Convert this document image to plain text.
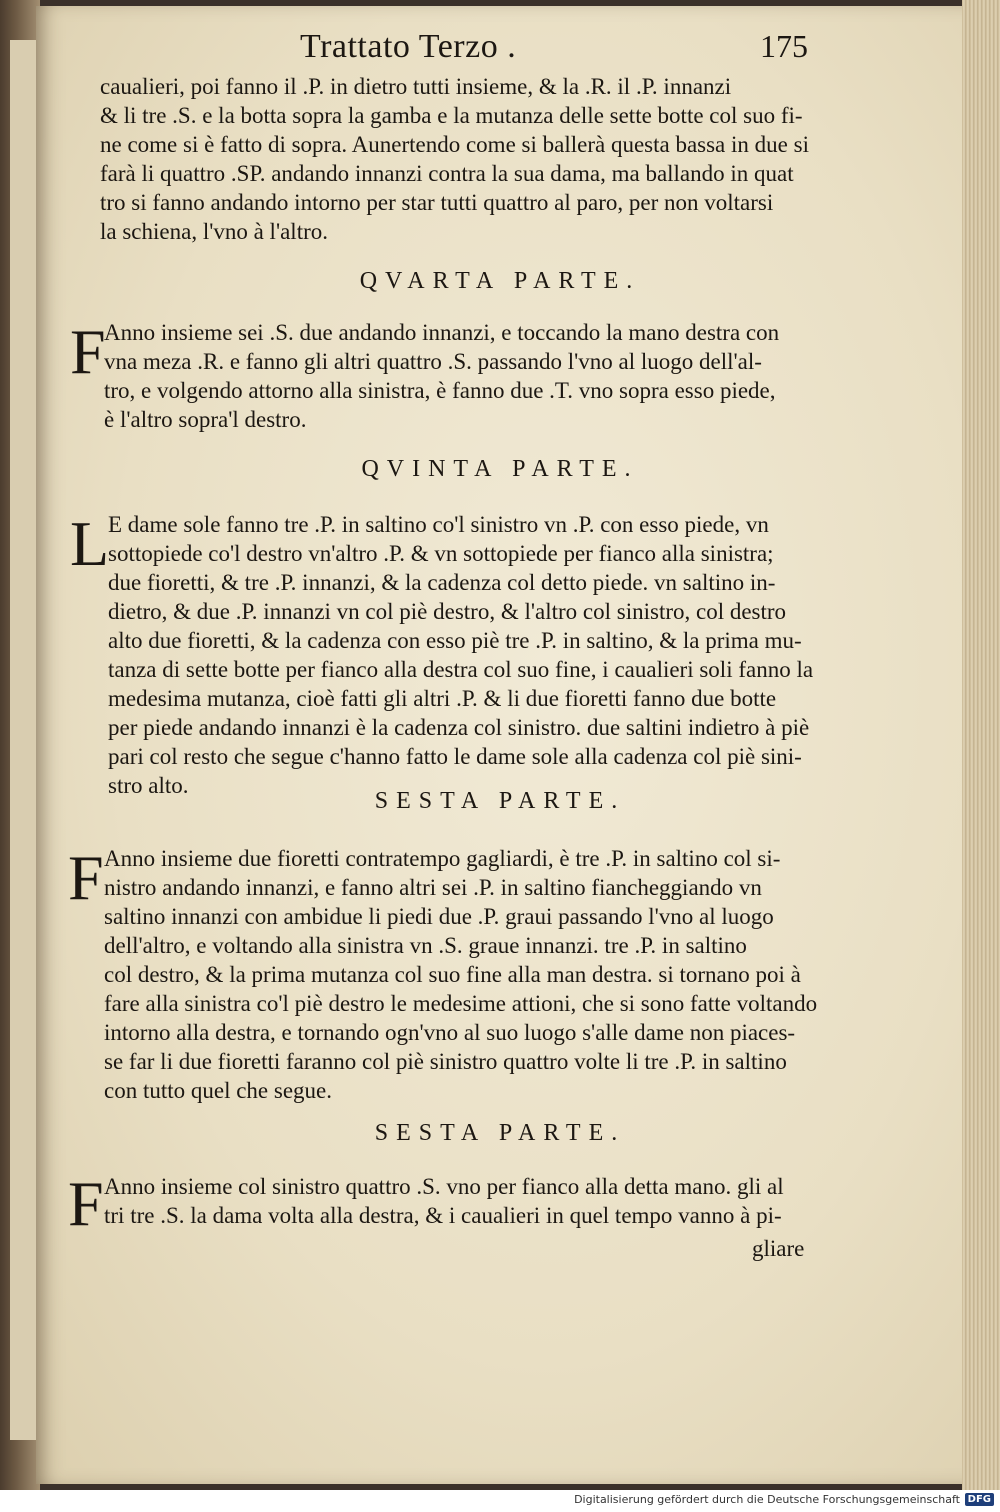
Trattato Terzo .	175
caualieri, poi fanno il .P. in dietro tutti insieme, & la .R. il .P. innanzi
& li tre .S. e la botta sopra la gamba e la mutanza delle sette botte col suo fi-
ne come si è fatto di sopra. Aunertendo come si ballerà questa bassa in due si
farà li quattro .SP. andando innanzi contra la sua dama, ma ballando in quat
tro si fanno andando intorno per star tutti quattro al paro, per non voltarsi
la schiena, l'vno à l'altro.
QVARTA PARTE.
F
Anno insieme sei .S. due andando innanzi, e toccando la mano destra con
vna meza .R. e fanno gli altri quattro .S. passando l'vno al luogo dell'al-
tro, e volgendo attorno alla sinistra, è fanno due .T. vno sopra esso piede,
è l'altro sopra'l destro.
QVINTA PARTE.
L
E dame sole fanno tre .P. in saltino co'l sinistro vn .P. con esso piede, vn
sottopiede co'l destro vn'altro .P. & vn sottopiede per fianco alla sinistra;
due fioretti, & tre .P. innanzi, & la cadenza col detto piede. vn saltino in-
dietro, & due .P. innanzi vn col piè destro, & l'altro col sinistro, col destro
alto due fioretti, & la cadenza con esso piè tre .P. in saltino, & la prima mu-
tanza di sette botte per fianco alla destra col suo fine, i caualieri soli fanno la
medesima mutanza, cioè fatti gli altri .P. & li due fioretti fanno due botte
per piede andando innanzi è la cadenza col sinistro. due saltini indietro à piè
pari col resto che segue c'hanno fatto le dame sole alla cadenza col piè sini-
stro alto.
SESTA PARTE.
F Anno insieme due fioretti contratempo gagliardi, è tre .P. in saltino col si-
nistro andando innanzi, e fanno altri sei .P. in saltino fiancheggiando vn
saltino innanzi con ambidue li piedi due .P. graui passando l'vno al luogo
dell'altro, e voltando alla sinistra vn .S. graue innanzi. tre .P. in saltino
col destro, & la prima mutanza col suo fine alla man destra. si tornano poi à
fare alla sinistra co'l piè destro le medesime attioni, che si sono fatte voltando
intorno alla destra, e tornando ogn'vno al suo luogo s'alle dame non piaces-
se far li due fioretti faranno col piè sinistro quattro volte li tre .P. in saltino
con tutto quel che segue.
SESTA PARTE.
F Anno insieme col sinistro quattro .S. vno per fianco alla detta mano. gli al
tri tre .S. la dama volta alla destra, & i caualieri in quel tempo vanno à pi-
gliare
Digitalisierung gefördert durch die Deutsche Forschungsgemeinschaft DFG
